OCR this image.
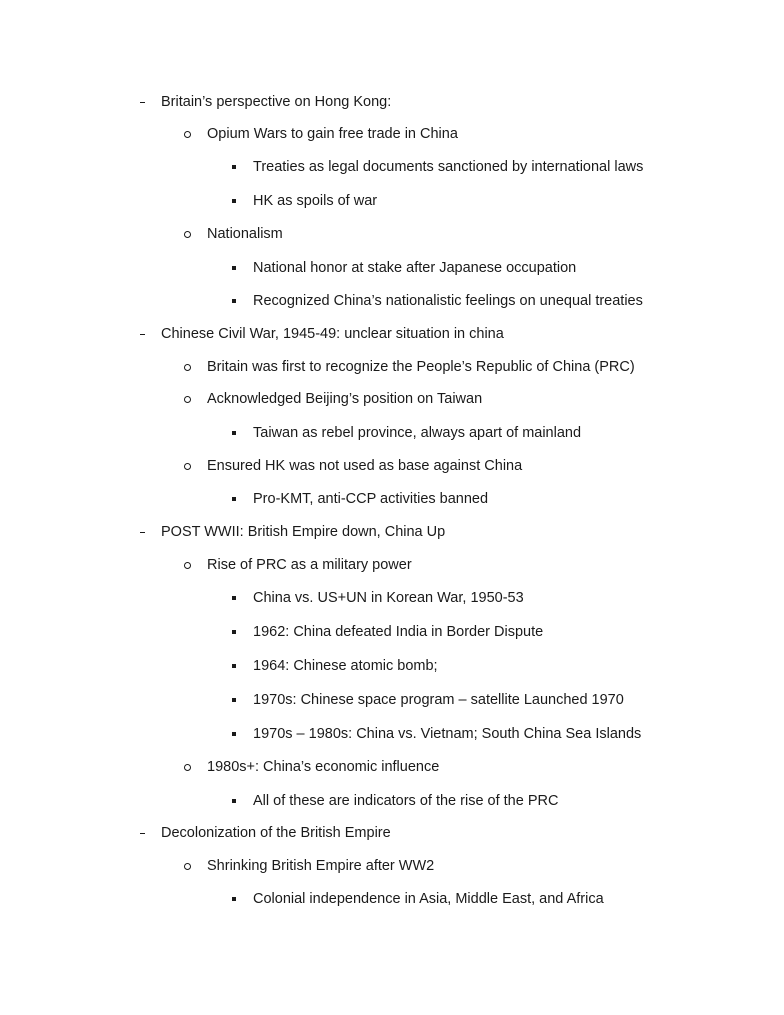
Britain’s perspective on Hong Kong:
Opium Wars to gain free trade in China
Treaties as legal documents sanctioned by international laws
HK as spoils of war
Nationalism
National honor at stake after Japanese occupation
Recognized China’s nationalistic feelings on unequal treaties
Chinese Civil War, 1945-49: unclear situation in china
Britain was first to recognize the People’s Republic of China (PRC)
Acknowledged Beijing’s position on Taiwan
Taiwan as rebel province, always apart of mainland
Ensured HK was not used as base against China
Pro-KMT, anti-CCP activities banned
POST WWII: British Empire down, China Up
Rise of PRC as a military power
China vs. US+UN in Korean War, 1950-53
1962: China defeated India in Border Dispute
1964: Chinese atomic bomb;
1970s: Chinese space program – satellite Launched 1970
1970s – 1980s: China vs. Vietnam; South China Sea Islands
1980s+: China’s economic influence
All of these are indicators of the rise of the PRC
Decolonization of the British Empire
Shrinking British Empire after WW2
Colonial independence in Asia, Middle East, and Africa
